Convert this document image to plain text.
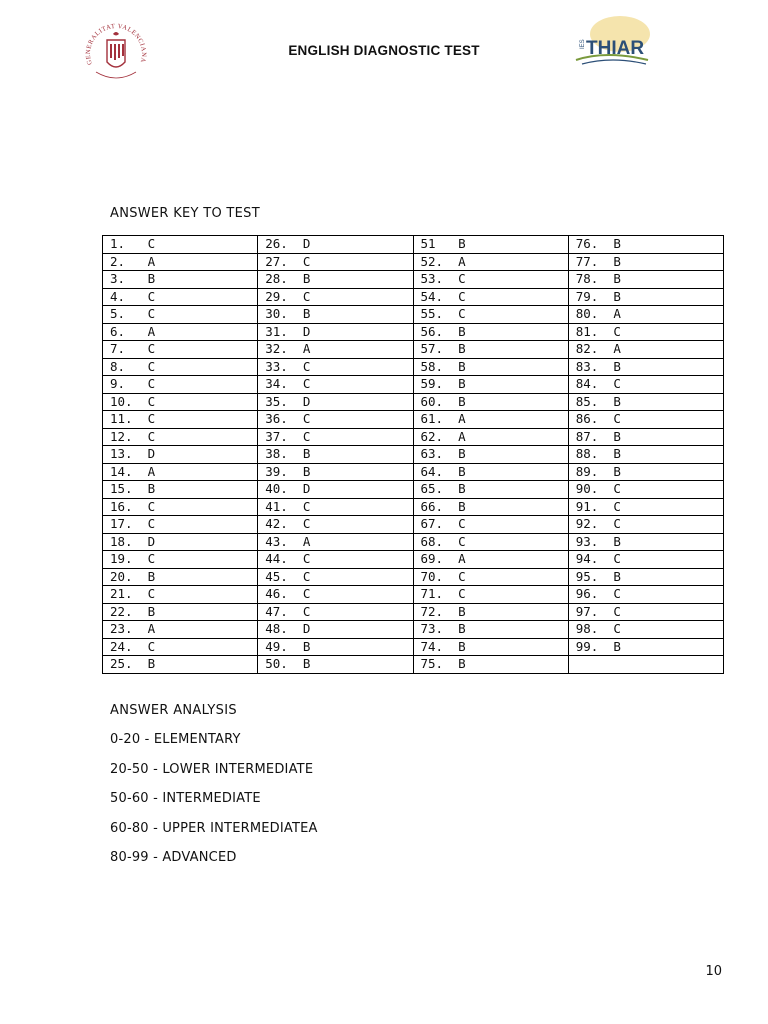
GENERALITAT VALENCIANA
ENGLISH DIAGNOSTIC TEST	IES THIAR
ANSWER KEY TO TEST
1.   C	26.  D	51   B	76.  B
2.   A	27.  C	52.  A	77.  B
3.   B	28.  B	53.  C	78.  B
4.   C	29.  C	54.  C	79.  B
5.   C	30.  B	55.  C	80.  A
6.   A	31.  D	56.  B	81.  C
7.   C	32.  A	57.  B	82.  A
8.   C	33.  C	58.  B	83.  B
9.   C	34.  C	59.  B	84.  C
10.  C	35.  D	60.  B	85.  B
11.  C	36.  C	61.  A	86.  C
12.  C	37.  C	62.  A	87.  B
13.  D	38.  B	63.  B	88.  B
14.  A	39.  B	64.  B	89.  B
15.  B	40.  D	65.  B	90.  C
16.  C	41.  C	66.  B	91.  C
17.  C	42.  C	67.  C	92.  C
18.  D	43.  A	68.  C	93.  B
19.  C	44.  C	69.  A	94.  C
20.  B	45.  C	70.  C	95.  B
21.  C	46.  C	71.  C	96.  C
22.  B	47.  C	72.  B	97.  C
23.  A	48.  D	73.  B	98.  C
24.  C	49.  B	74.  B	99.  B
25.  B	50.  B	75.  B	
ANSWER ANALYSIS
0-20 - ELEMENTARY
20-50 - LOWER INTERMEDIATE
50-60 - INTERMEDIATE
60-80 - UPPER INTERMEDIATEA
80-99 - ADVANCED
10
